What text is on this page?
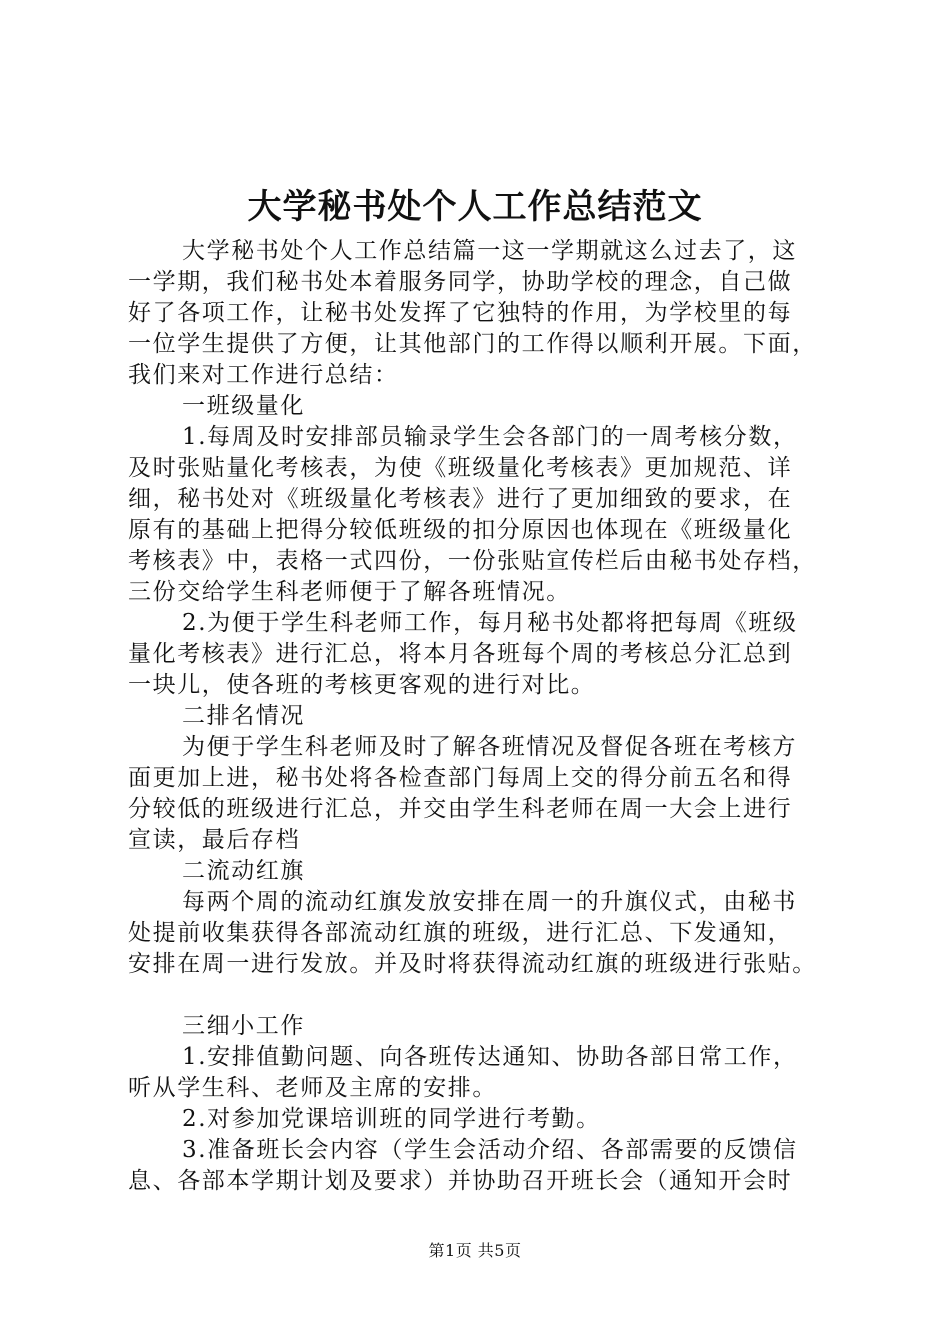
大学秘书处个人工作总结范文
大学秘书处个人工作总结篇一这一学期就这么过去了，这
一学期，我们秘书处本着服务同学，协助学校的理念，自己做
好了各项工作，让秘书处发挥了它独特的作用，为学校里的每
一位学生提供了方便，让其他部门的工作得以顺利开展。下面，
我们来对工作进行总结：
一班级量化
1.每周及时安排部员输录学生会各部门的一周考核分数，
及时张贴量化考核表，为使《班级量化考核表》更加规范、详
细，秘书处对《班级量化考核表》进行了更加细致的要求，在
原有的基础上把得分较低班级的扣分原因也体现在《班级量化
考核表》中，表格一式四份，一份张贴宣传栏后由秘书处存档，
三份交给学生科老师便于了解各班情况。
2.为便于学生科老师工作，每月秘书处都将把每周《班级
量化考核表》进行汇总，将本月各班每个周的考核总分汇总到
一块儿，使各班的考核更客观的进行对比。
二排名情况
为便于学生科老师及时了解各班情况及督促各班在考核方
面更加上进，秘书处将各检查部门每周上交的得分前五名和得
分较低的班级进行汇总，并交由学生科老师在周一大会上进行
宣读，最后存档
二流动红旗
每两个周的流动红旗发放安排在周一的升旗仪式，由秘书
处提前收集获得各部流动红旗的班级，进行汇总、下发通知，
安排在周一进行发放。并及时将获得流动红旗的班级进行张贴。
三细小工作
1.安排值勤问题、向各班传达通知、协助各部日常工作，
听从学生科、老师及主席的安排。
2.对参加党课培训班的同学进行考勤。
3.准备班长会内容（学生会活动介绍、各部需要的反馈信
息、各部本学期计划及要求）并协助召开班长会（通知开会时
第1页 共5页
